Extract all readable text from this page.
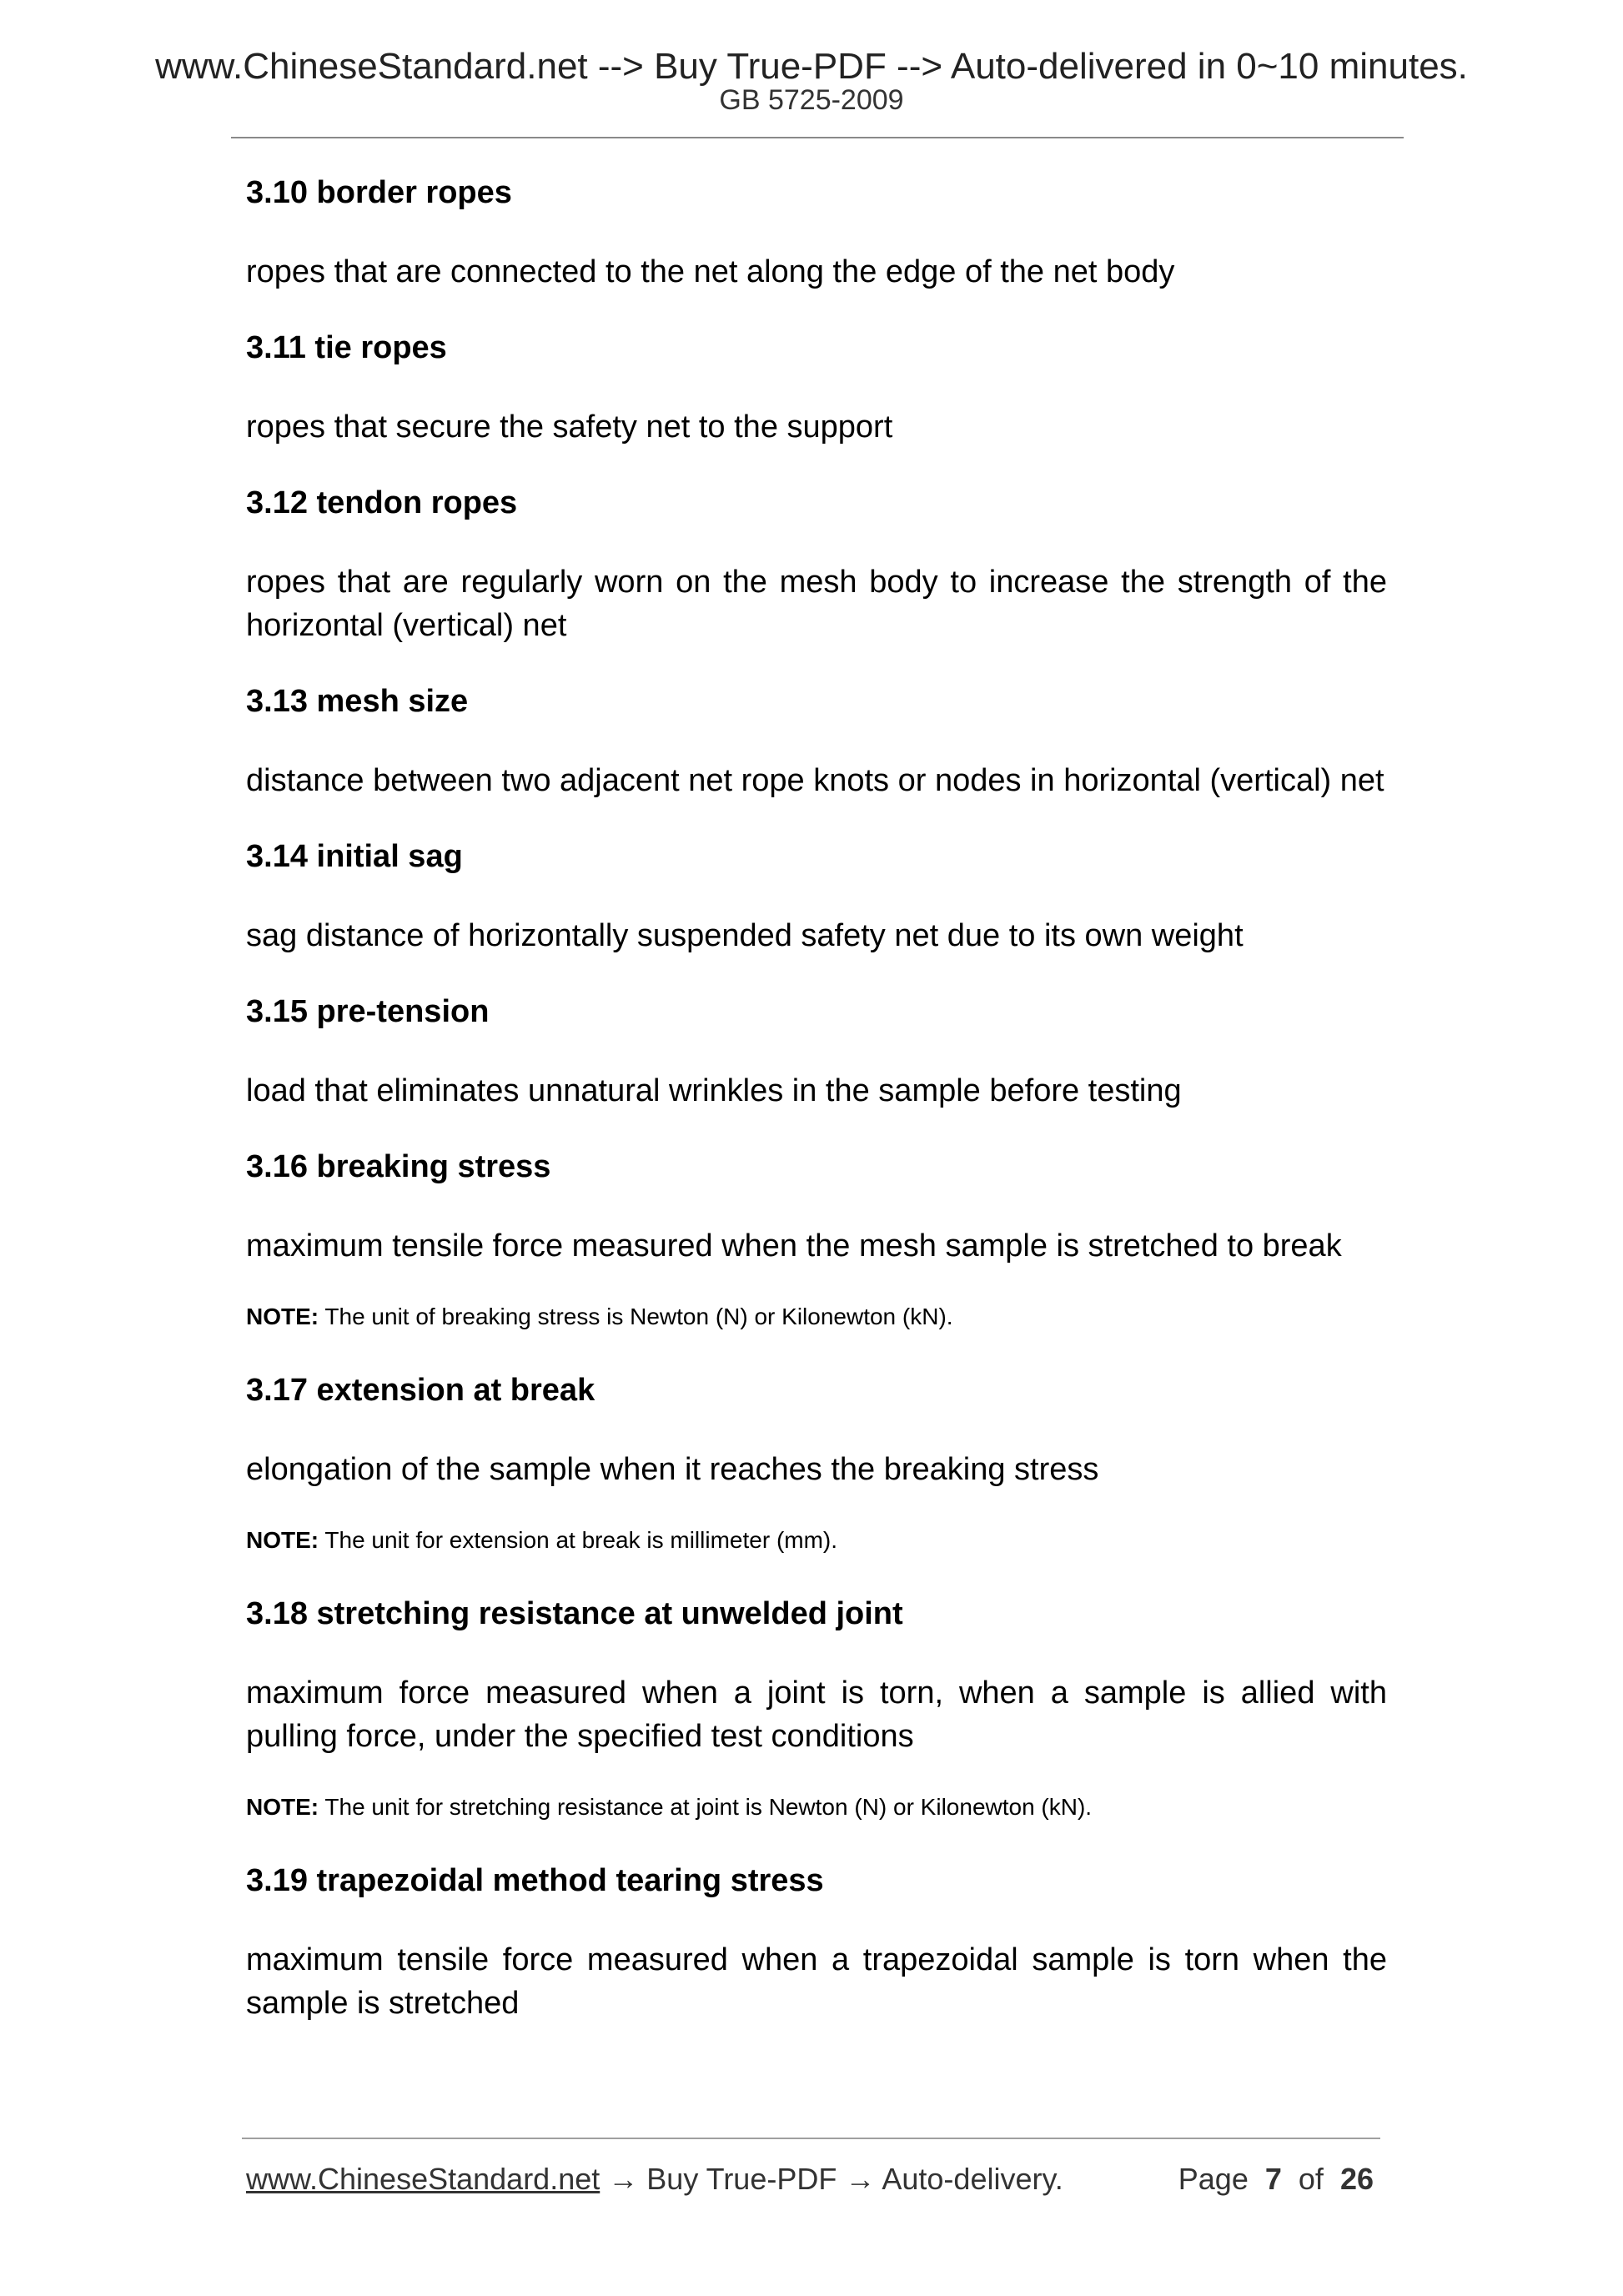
www.ChineseStandard.net --> Buy True-PDF --> Auto-delivered in 0~10 minutes.
GB 5725-2009
3.10 border ropes
ropes that are connected to the net along the edge of the net body
3.11 tie ropes
ropes that secure the safety net to the support
3.12 tendon ropes
ropes that are regularly worn on the mesh body to increase the strength of the horizontal (vertical) net
3.13 mesh size
distance between two adjacent net rope knots or nodes in horizontal (vertical) net
3.14 initial sag
sag distance of horizontally suspended safety net due to its own weight
3.15 pre-tension
load that eliminates unnatural wrinkles in the sample before testing
3.16 breaking stress
maximum tensile force measured when the mesh sample is stretched to break
NOTE: The unit of breaking stress is Newton (N) or Kilonewton (kN).
3.17 extension at break
elongation of the sample when it reaches the breaking stress
NOTE: The unit for extension at break is millimeter (mm).
3.18 stretching resistance at unwelded joint
maximum force measured when a joint is torn, when a sample is allied with pulling force, under the specified test conditions
NOTE: The unit for stretching resistance at joint is Newton (N) or Kilonewton (kN).
3.19 trapezoidal method tearing stress
maximum tensile force measured when a trapezoidal sample is torn when the sample is stretched
www.ChineseStandard.net → Buy True-PDF → Auto-delivery.	Page 7 of 26
